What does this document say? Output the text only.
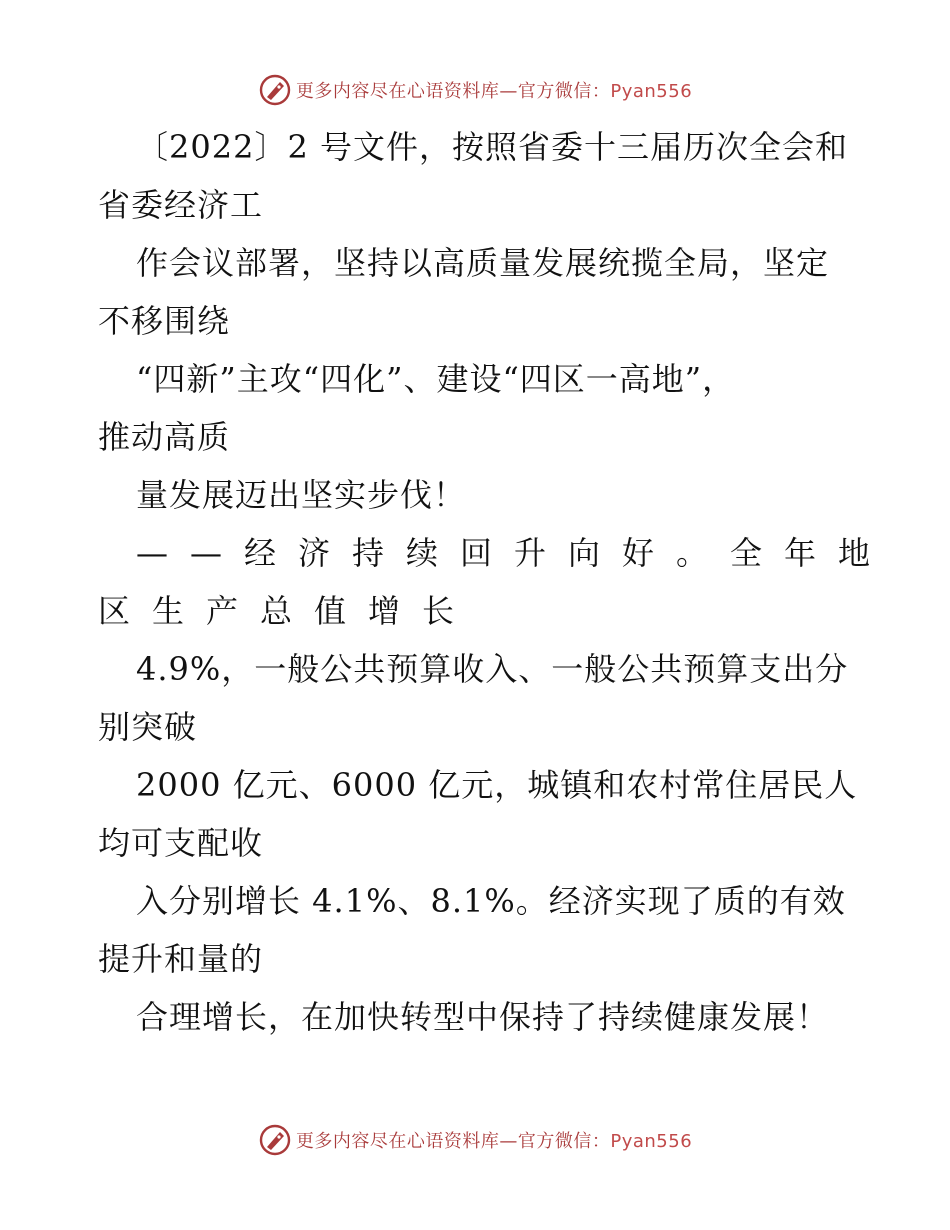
更多内容尽在心语资料库—官方微信：Pyan556
〔2022〕2 号文件，按照省委十三届历次全会和
省委经济工
作会议部署，坚持以高质量发展统揽全局，坚定
不移围绕
“四新”主攻“四化”、建设“四区一高地”，
推动高质
量发展迈出坚实步伐！
——经济持续回升向好。全年地
区生产总值增长
4.9%，一般公共预算收入、一般公共预算支出分
别突破
2000 亿元、6000 亿元，城镇和农村常住居民人
均可支配收
入分别增长 4.1%、8.1%。经济实现了质的有效
提升和量的
合理增长，在加快转型中保持了持续健康发展！
更多内容尽在心语资料库—官方微信：Pyan556
